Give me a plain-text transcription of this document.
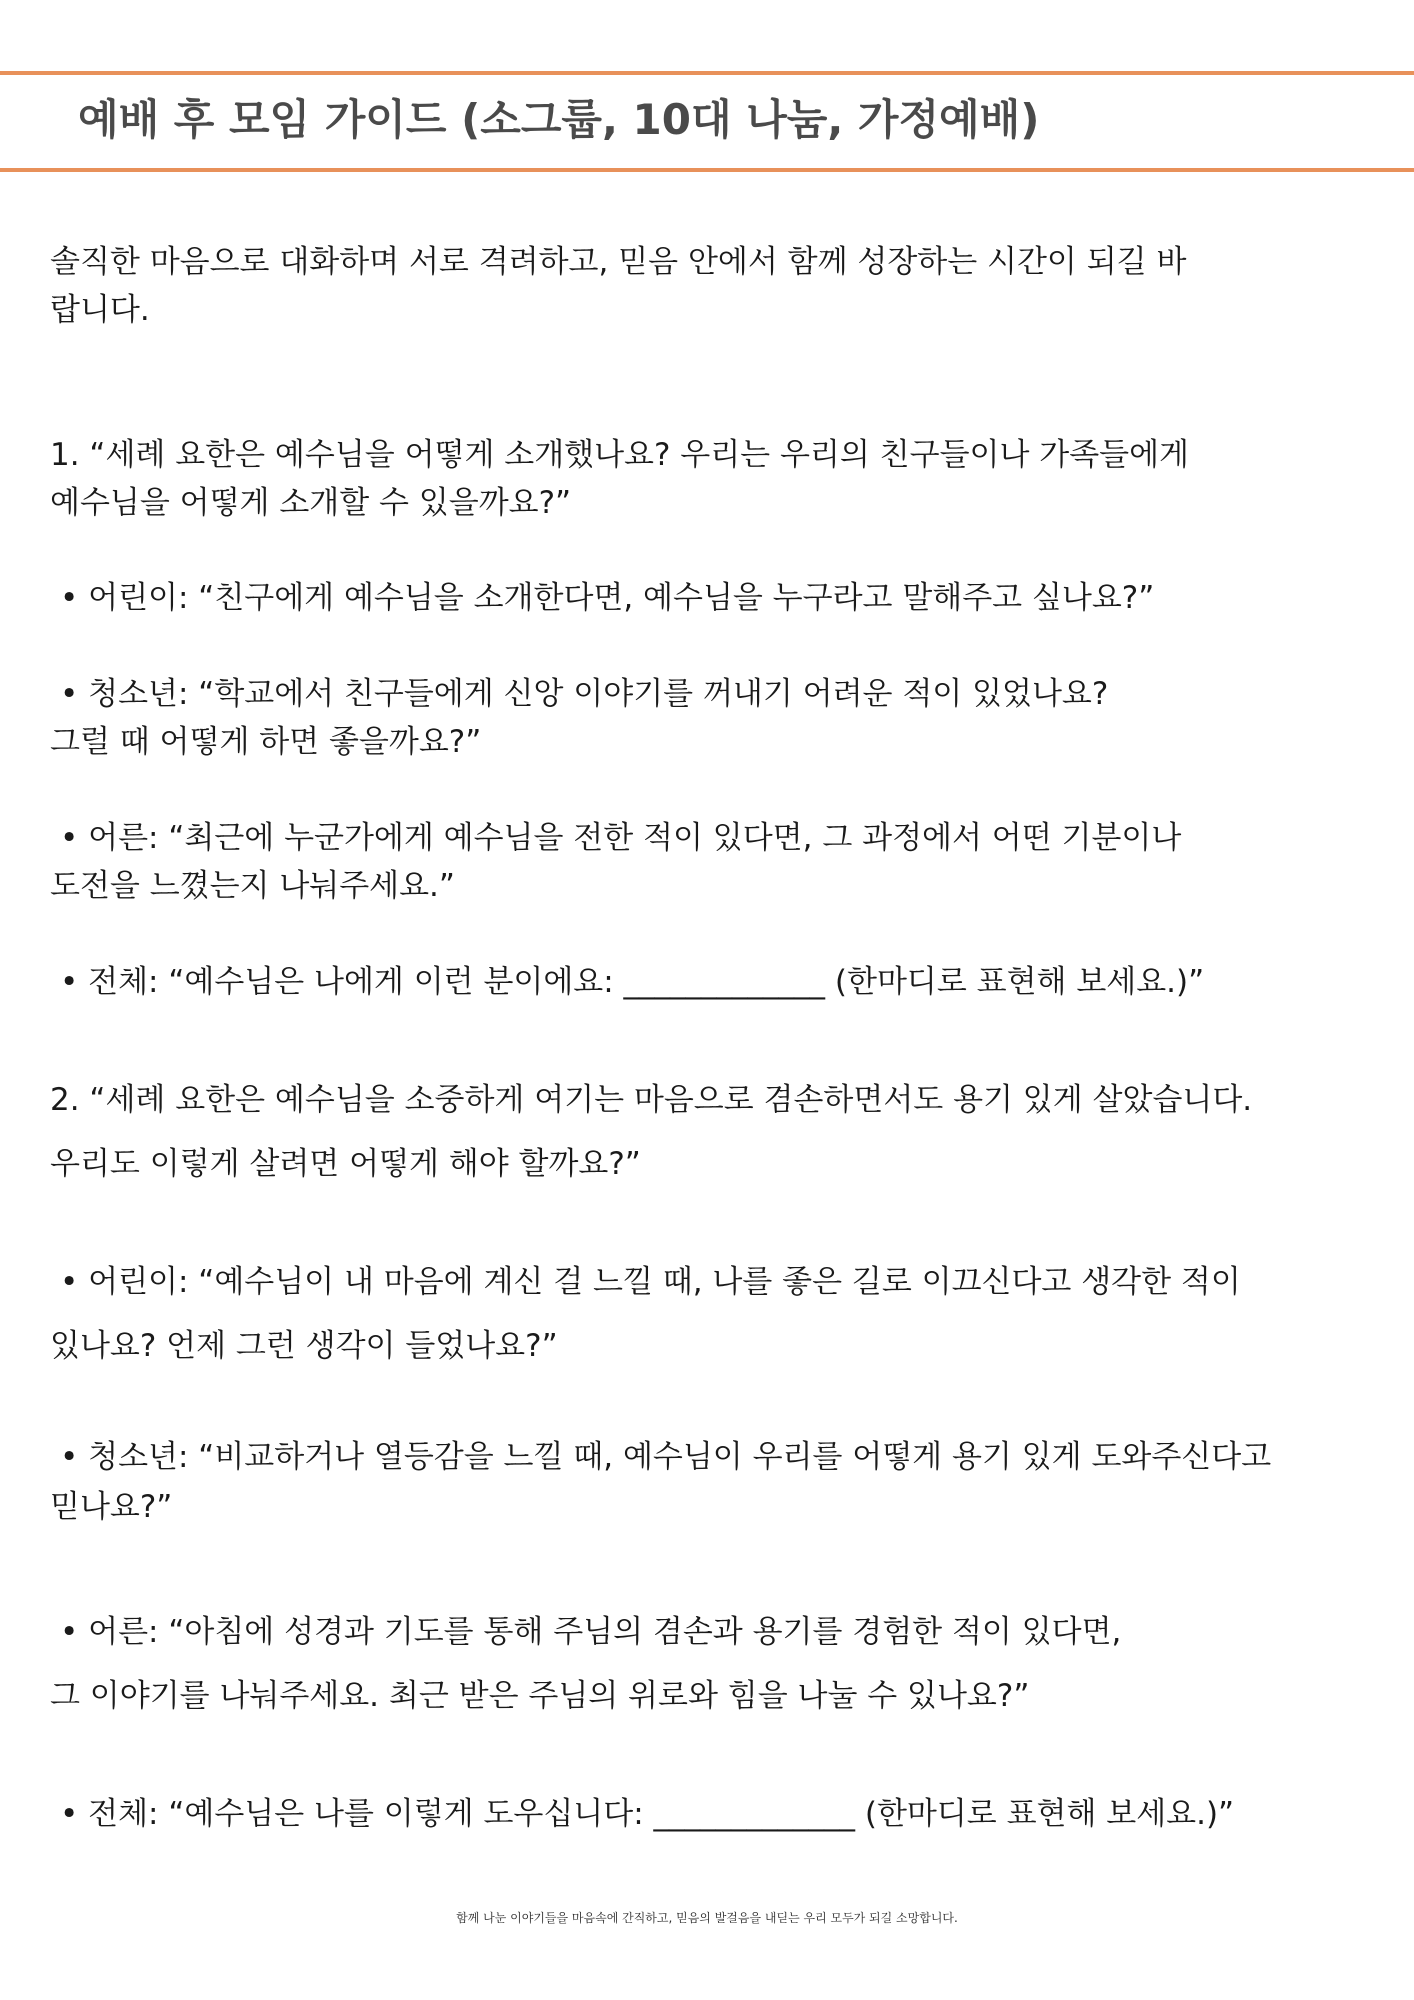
예배 후 모임 가이드 (소그룹, 10대 나눔, 가정예배)
솔직한 마음으로 대화하며 서로 격려하고, 믿음 안에서 함께 성장하는 시간이 되길 바
랍니다.
1. “세례 요한은 예수님을 어떻게 소개했나요? 우리는 우리의 친구들이나 가족들에게
예수님을 어떻게 소개할 수 있을까요?”
• 어린이: “친구에게 예수님을 소개한다면, 예수님을 누구라고 말해주고 싶나요?”
• 청소년: “학교에서 친구들에게 신앙 이야기를 꺼내기 어려운 적이 있었나요?
그럴 때 어떻게 하면 좋을까요?”
• 어른: “최근에 누군가에게 예수님을 전한 적이 있다면, 그 과정에서 어떤 기분이나
도전을 느꼈는지 나눠주세요.”
• 전체: “예수님은 나에게 이런 분이에요: _____________ (한마디로 표현해 보세요.)”
2. “세례 요한은 예수님을 소중하게 여기는 마음으로 겸손하면서도 용기 있게 살았습니다.
우리도 이렇게 살려면 어떻게 해야 할까요?”
• 어린이: “예수님이 내 마음에 계신 걸 느낄 때, 나를 좋은 길로 이끄신다고 생각한 적이
있나요? 언제 그런 생각이 들었나요?”
• 청소년: “비교하거나 열등감을 느낄 때, 예수님이 우리를 어떻게 용기 있게 도와주신다고
믿나요?”
• 어른: “아침에 성경과 기도를 통해 주님의 겸손과 용기를 경험한 적이 있다면,
그 이야기를 나눠주세요. 최근 받은 주님의 위로와 힘을 나눌 수 있나요?”
• 전체: “예수님은 나를 이렇게 도우십니다: _____________ (한마디로 표현해 보세요.)”
함께 나눈 이야기들을 마음속에 간직하고, 믿음의 발걸음을 내딛는 우리 모두가 되길 소망합니다.
